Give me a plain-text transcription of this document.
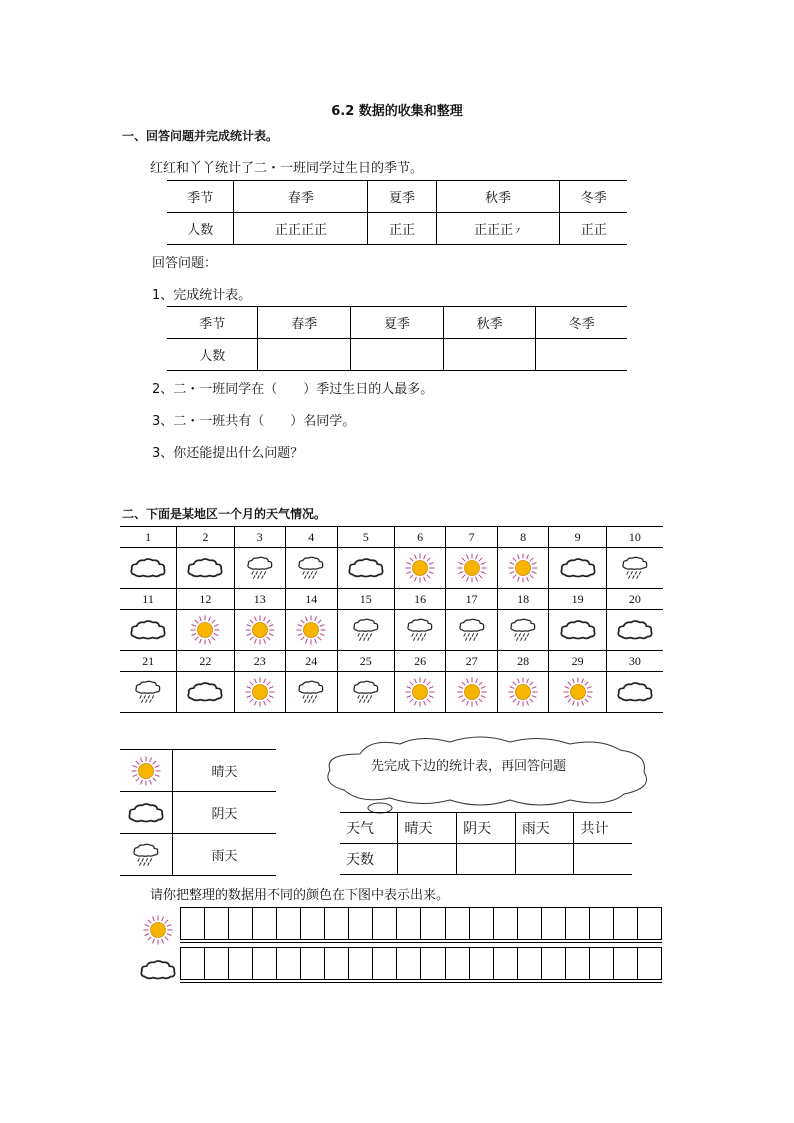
6.2 数据的收集和整理
一、回答问题并完成统计表。
红红和丫丫统计了二・一班同学过生日的季节。
季节	春季	夏季	秋季	冬季
人数	正正正正	正正	正正正㇇	正正
回答问题：
1、完成统计表。
季节	春季	夏季	秋季	冬季
人数				
2、二・一班同学在（　　）季过生日的人最多。
3、二・一班共有（　　）名同学。
3、你还能提出什么问题？
二、下面是某地区一个月的天气情况。
1	2	3	4	5	6	7	8	9	10

11	12	13	14	15	16	17	18	19	20

21	22	23	24	25	26	27	28	29	30

	晴天

	阴天

	雨天
先完成下边的统计表，再回答问题
天气	晴天	阴天	雨天	共计
天数				
请你把整理的数据用不同的颜色在下图中表示出来。
